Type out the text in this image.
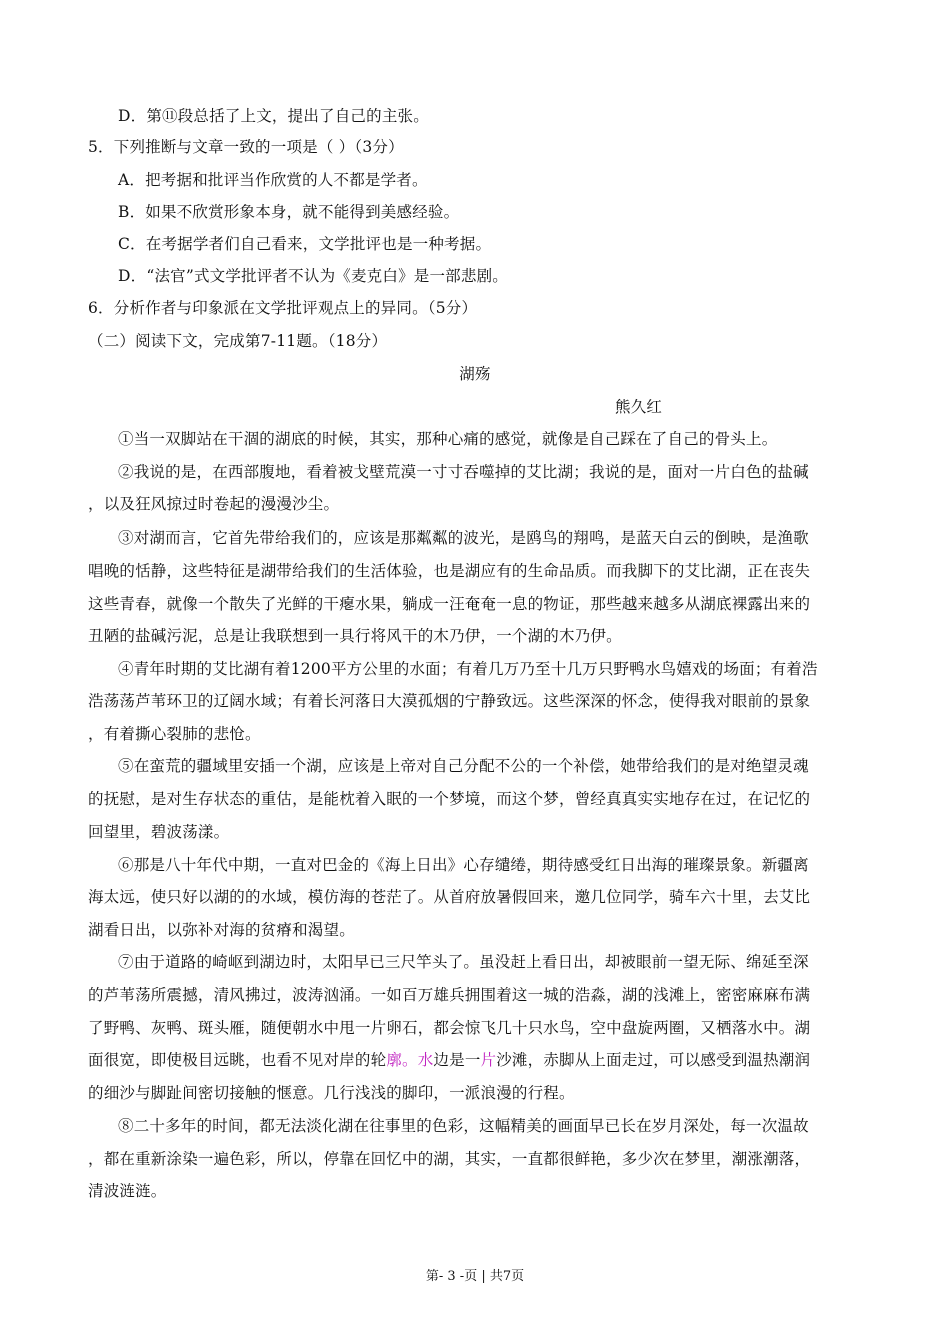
D．第⑪段总括了上文，提出了自己的主张。
5．下列推断与文章一致的一项是（ ）（3分）
A．把考据和批评当作欣赏的人不都是学者。
B．如果不欣赏形象本身，就不能得到美感经验。
C．在考据学者们自己看来，文学批评也是一种考据。
D．“法官”式文学批评者不认为《麦克白》是一部悲剧。
6．分析作者与印象派在文学批评观点上的异同。（5分）
（二）阅读下文，完成第7-11题。（18分）
湖殇
熊久红
①当一双脚站在干涸的湖底的时候，其实，那种心痛的感觉，就像是自己踩在了自己的骨头上。
②我说的是，在西部腹地，看着被戈壁荒漠一寸寸吞噬掉的艾比湖；我说的是，面对一片白色的盐碱
，以及狂风掠过时卷起的漫漫沙尘。
③对湖而言，它首先带给我们的，应该是那粼粼的波光，是鸥鸟的翔鸣，是蓝天白云的倒映，是渔歌
唱晚的恬静，这些特征是湖带给我们的生活体验，也是湖应有的生命品质。而我脚下的艾比湖，正在丧失
这些青春，就像一个散失了光鲜的干瘪水果，躺成一汪奄奄一息的物证，那些越来越多从湖底裸露出来的
丑陋的盐碱污泥，总是让我联想到一具行将风干的木乃伊，一个湖的木乃伊。
④青年时期的艾比湖有着1200平方公里的水面；有着几万乃至十几万只野鸭水鸟嬉戏的场面；有着浩
浩荡荡芦苇环卫的辽阔水域；有着长河落日大漠孤烟的宁静致远。这些深深的怀念，使得我对眼前的景象
，有着撕心裂肺的悲怆。
⑤在蛮荒的疆域里安插一个湖，应该是上帝对自己分配不公的一个补偿，她带给我们的是对绝望灵魂
的抚慰，是对生存状态的重估，是能枕着入眠的一个梦境，而这个梦，曾经真真实实地存在过，在记忆的
回望里，碧波荡漾。
⑥那是八十年代中期，一直对巴金的《海上日出》心存缱绻，期待感受红日出海的璀璨景象。新疆离
海太远，使只好以湖的的水域，模仿海的苍茫了。从首府放暑假回来，邀几位同学，骑车六十里，去艾比
湖看日出，以弥补对海的贫瘠和渴望。
⑦由于道路的崎岖到湖边时，太阳早已三尺竿头了。虽没赶上看日出，却被眼前一望无际、绵延至深
的芦苇荡所震撼，清风拂过，波涛汹涌。一如百万雄兵拥围着这一城的浩淼，湖的浅滩上，密密麻麻布满
了野鸭、灰鸭、斑头雁，随便朝水中甩一片卵石，都会惊飞几十只水鸟，空中盘旋两圈，又栖落水中。湖
面很宽，即使极目远眺，也看不见对岸的轮廓。水边是一片沙滩，赤脚从上面走过，可以感受到温热潮润
的细沙与脚趾间密切接触的惬意。几行浅浅的脚印，一派浪漫的行程。
⑧二十多年的时间，都无法淡化湖在往事里的色彩，这幅精美的画面早已长在岁月深处，每一次温故
，都在重新涂染一遍色彩，所以，停靠在回忆中的湖，其实，一直都很鲜艳，多少次在梦里，潮涨潮落，
清波涟涟。
第- 3 -页 | 共7页
